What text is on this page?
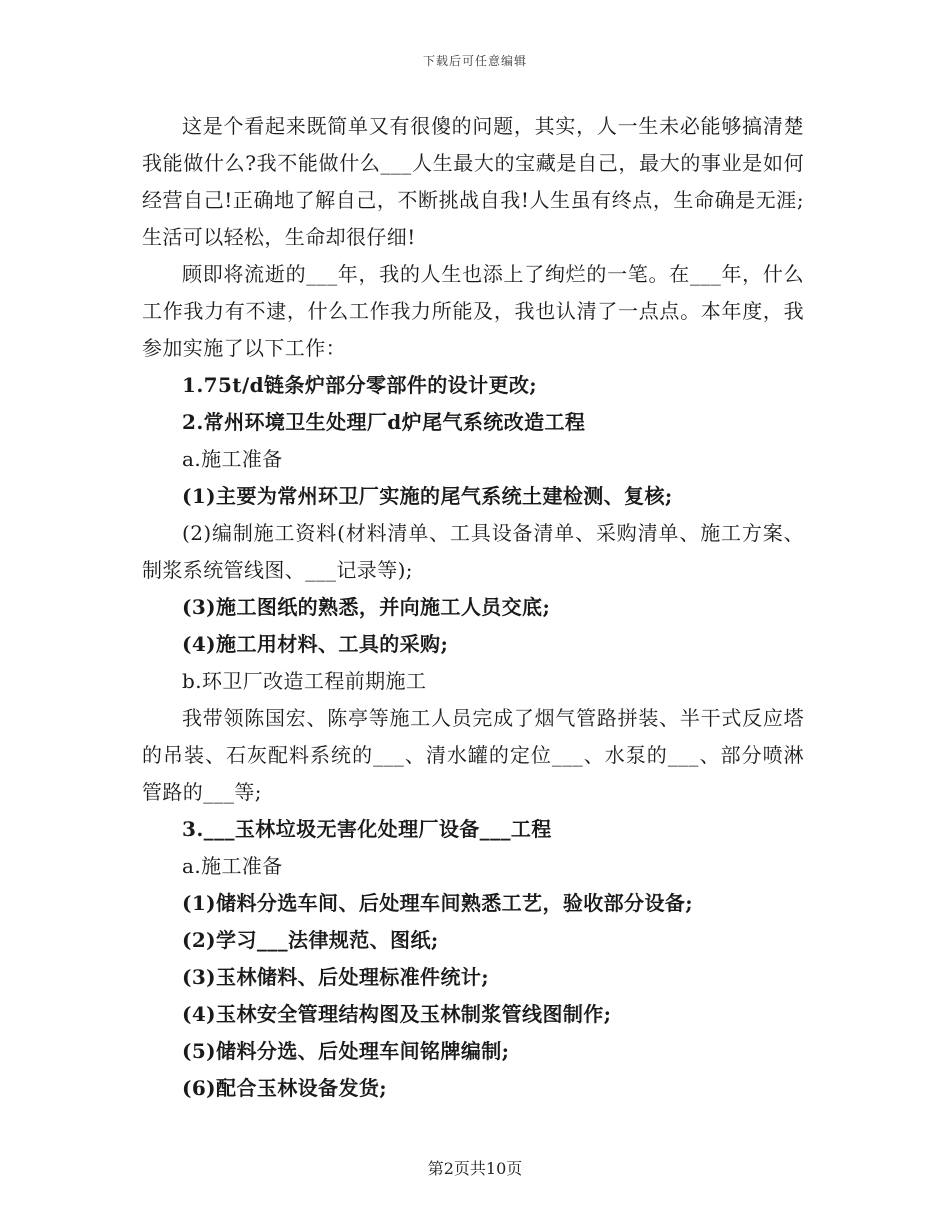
下载后可任意编辑

这是个看起来既简单又有很傻的问题，其实，人一生未必能够搞清楚我能做什么?我不能做什么___人生最大的宝藏是自己，最大的事业是如何经营自己!正确地了解自己，不断挑战自我!人生虽有终点，生命确是无涯;生活可以轻松，生命却很仔细!

顾即将流逝的___年，我的人生也添上了绚烂的一笔。在___年，什么工作我力有不逮，什么工作我力所能及，我也认清了一点点。本年度，我参加实施了以下工作：

1.75t/d链条炉部分零部件的设计更改;

2.常州环境卫生处理厂d炉尾气系统改造工程

a.施工准备

(1)主要为常州环卫厂实施的尾气系统土建检测、复核;

(2)编制施工资料(材料清单、工具设备清单、采购清单、施工方案、制浆系统管线图、___记录等);

(3)施工图纸的熟悉，并向施工人员交底;

(4)施工用材料、工具的采购;

b.环卫厂改造工程前期施工

我带领陈国宏、陈亭等施工人员完成了烟气管路拼装、半干式反应塔的吊装、石灰配料系统的___、清水罐的定位___、水泵的___、部分喷淋管路的___等;

3.___玉林垃圾无害化处理厂设备___工程

a.施工准备

(1)储料分选车间、后处理车间熟悉工艺，验收部分设备;

(2)学习___法律规范、图纸;

(3)玉林储料、后处理标准件统计;

(4)玉林安全管理结构图及玉林制浆管线图制作;

(5)储料分选、后处理车间铭牌编制;

(6)配合玉林设备发货;

第2页共10页
